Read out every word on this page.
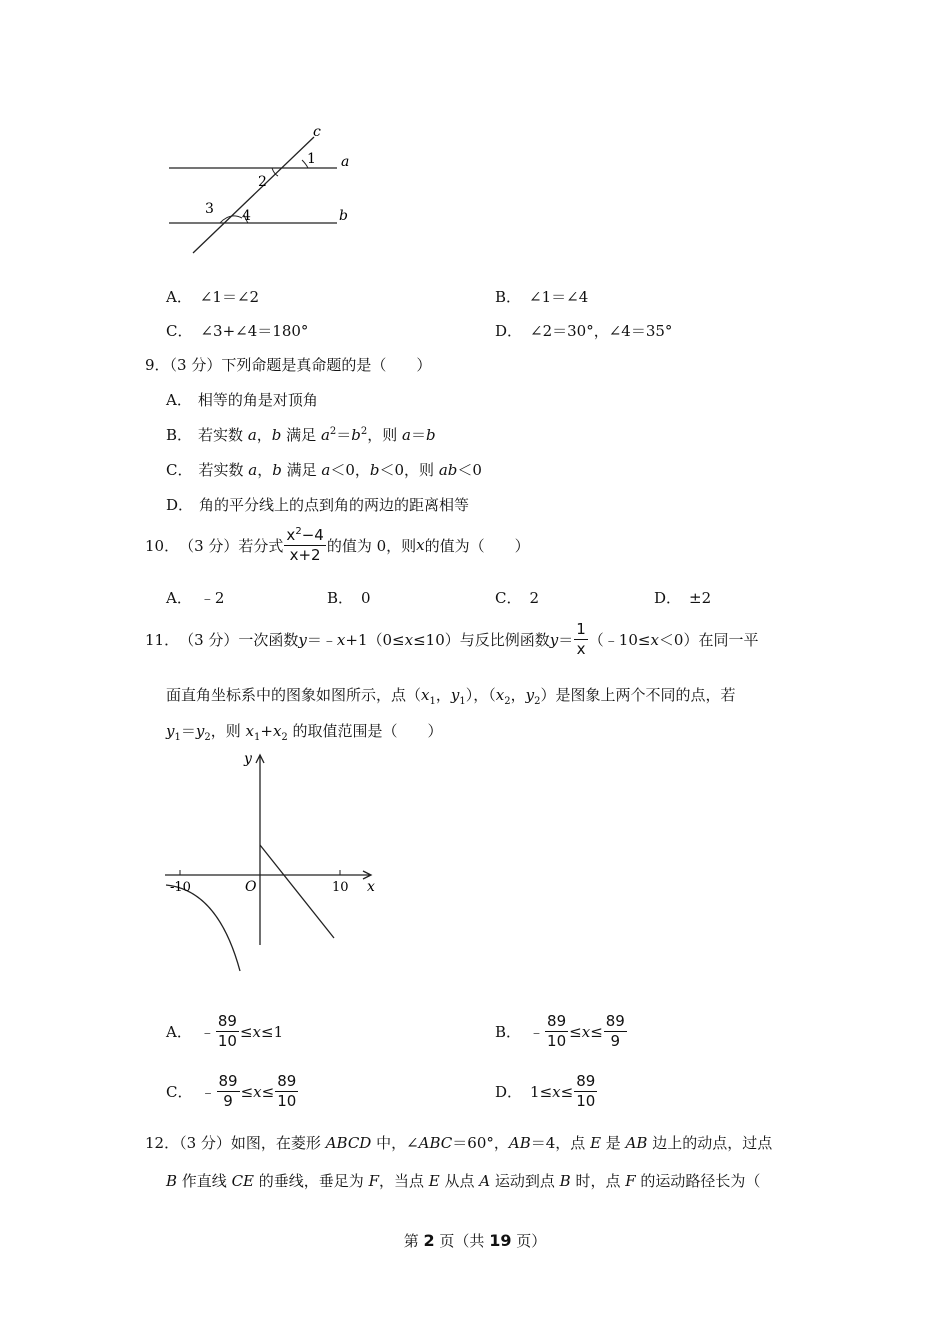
c
a
b
1
2
3 4
A． ∠1＝∠2	B． ∠1＝∠4
C． ∠3+∠4＝180°	D． ∠2＝30°，∠4＝35°
9．（3 分）下列命题是真命题的是（　　）
A． 相等的角是对顶角
B． 若实数 a，b 满足 $a^2=b^2$，则 a＝b
C． 若实数 a，b 满足 a＜0，b＜0，则 ab＜0
D． 角的平分线上的点到角的两边的距离相等
10． （3 分） 若分式 $\frac{x^2-4}{x+2}$ 的值为 0，则 x 的值为（　　）
A． ﹣2	B． 0	C． 2	D． ±2
11． （3 分） 一次函数 y ＝﹣ x +1（0≤ x ≤10）与反比例函数 $y = \frac{1}{x}$ （﹣10≤ x ＜0）在同一平
面直角坐标系中的图象如图所示，点（$x_1$，$y_1$），（$x_2$，$y_2$）是图象上两个不同的点，若
$y_1=y_2$，则 $x_1+x_2$ 的取值范围是（　　）
y
x
O
-10	10
A． ﹣ $\frac{89}{10} \le x \le 1$	B． ﹣ $\frac{89}{10} \le x \le \frac{89}{9}$
C． ﹣ $\frac{89}{9} \le x \le \frac{89}{10}$	D． $1\le x \le \frac{89}{10}$
12．（3 分）如图，在菱形 ABCD 中，∠ABC＝60°，AB＝4，点 E 是 AB 边上的动点，过点
B 作直线 CE 的垂线，垂足为 F，当点 E 从点 A 运动到点 B 时，点 F 的运动路径长为（
第 2 页（共 19 页）
